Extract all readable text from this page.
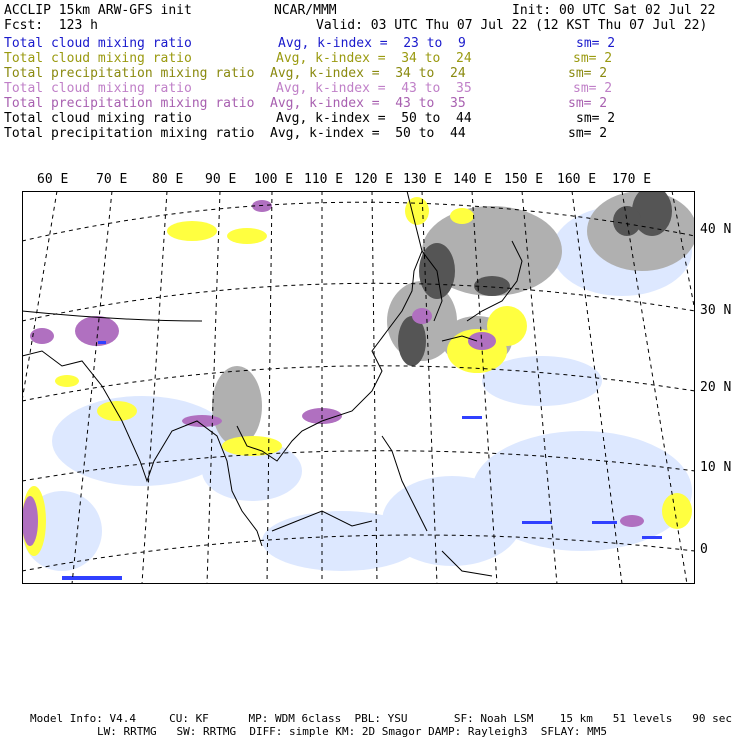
ACCLIP 15km ARW-GFS init	NCAR/MMM	Init: 00 UTC Sat 02 Jul 22
Fcst:  123 h	Valid: 03 UTC Thu 07 Jul 22 (12 KST Thu 07 Jul 22)
Total cloud mixing ratio	Avg, k-index =  23 to  9	sm= 2
Total cloud mixing ratio	Avg, k-index =  34 to  24	sm= 2
Total precipitation mixing ratio Avg, k-index =  34 to  24	sm= 2
Total cloud mixing ratio	Avg, k-index =  43 to  35	sm= 2
Total precipitation mixing ratio Avg, k-index =  43 to  35	sm= 2
Total cloud mixing ratio	Avg, k-index =  50 to  44	sm= 2
Total precipitation mixing ratio Avg, k-index =  50 to  44	sm= 2
60 E 70 E 80 E 90 E 100 E 110 E 120 E 130 E 140 E 150 E 160 E 170 E
40 N
30 N
20 N
10 N
0
Model Info: V4.4     CU: KF      MP: WDM 6class  PBL: YSU       SF: Noah LSM    15 km   51 levels   90 sec
LW: RRTMG   SW: RRTMG  DIFF: simple KM: 2D Smagor DAMP: Rayleigh3  SFLAY: MM5
